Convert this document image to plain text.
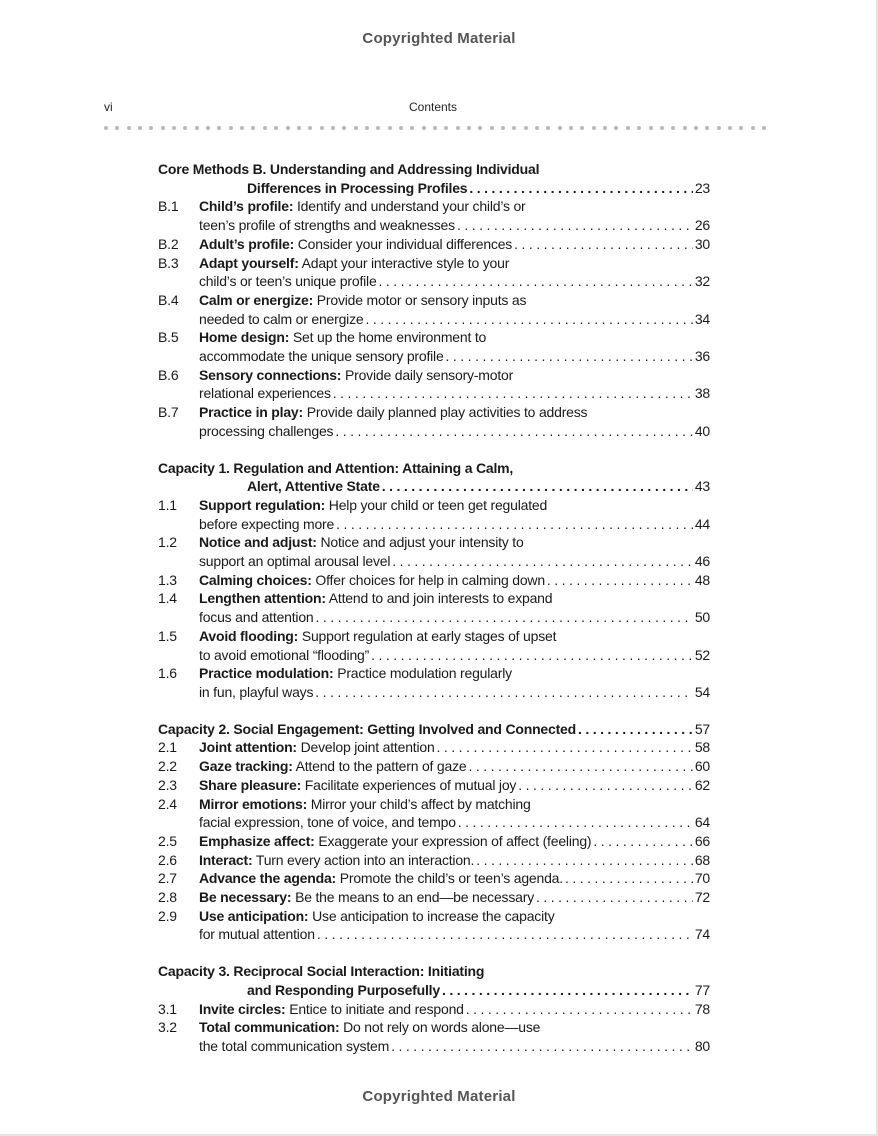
Copyrighted Material
vi	Contents
Core Methods B. Understanding and Addressing Individual
Differences in Processing Profiles . . .	23
B.1	Child’s profile: Identify and understand your child’s or
teen’s profile of strengths and weaknesses . . .	26
B.2	Adult’s profile: Consider your individual differences . . .	30
B.3	Adapt yourself: Adapt your interactive style to your
child’s or teen’s unique profile . . .	32
B.4	Calm or energize: Provide motor or sensory inputs as
needed to calm or energize . . .	34
B.5	Home design: Set up the home environment to
accommodate the unique sensory profile . . .	36
B.6	Sensory connections: Provide daily sensory-motor
relational experiences . . .	38
B.7	Practice in play: Provide daily planned play activities to address
processing challenges . . .	40
Capacity 1. Regulation and Attention: Attaining a Calm,
Alert, Attentive State . . .	43
1.1	Support regulation: Help your child or teen get regulated
before expecting more . . .	44
1.2	Notice and adjust: Notice and adjust your intensity to
support an optimal arousal level . . .	46
1.3	Calming choices: Offer choices for help in calming down . . .	48
1.4	Lengthen attention: Attend to and join interests to expand
focus and attention . . .	50
1.5	Avoid flooding: Support regulation at early stages of upset
to avoid emotional “flooding” . . .	52
1.6	Practice modulation: Practice modulation regularly
in fun, playful ways . . .	54
Capacity 2. Social Engagement: Getting Involved and Connected . . .	57
2.1	Joint attention: Develop joint attention . . .	58
2.2	Gaze tracking: Attend to the pattern of gaze . . .	60
2.3	Share pleasure: Facilitate experiences of mutual joy . . .	62
2.4	Mirror emotions: Mirror your child’s affect by matching
facial expression, tone of voice, and tempo . . .	64
2.5	Emphasize affect: Exaggerate your expression of affect (feeling) . . .	66
2.6	Interact: Turn every action into an interaction. . . .	68
2.7	Advance the agenda: Promote the child’s or teen’s agenda. . . .	70
2.8	Be necessary: Be the means to an end—be necessary . . .	72
2.9	Use anticipation: Use anticipation to increase the capacity
for mutual attention . . .	74
Capacity 3. Reciprocal Social Interaction: Initiating
and Responding Purposefully . . .	77
3.1	Invite circles: Entice to initiate and respond . . .	78
3.2	Total communication: Do not rely on words alone—use
the total communication system . . .	80
Copyrighted Material
